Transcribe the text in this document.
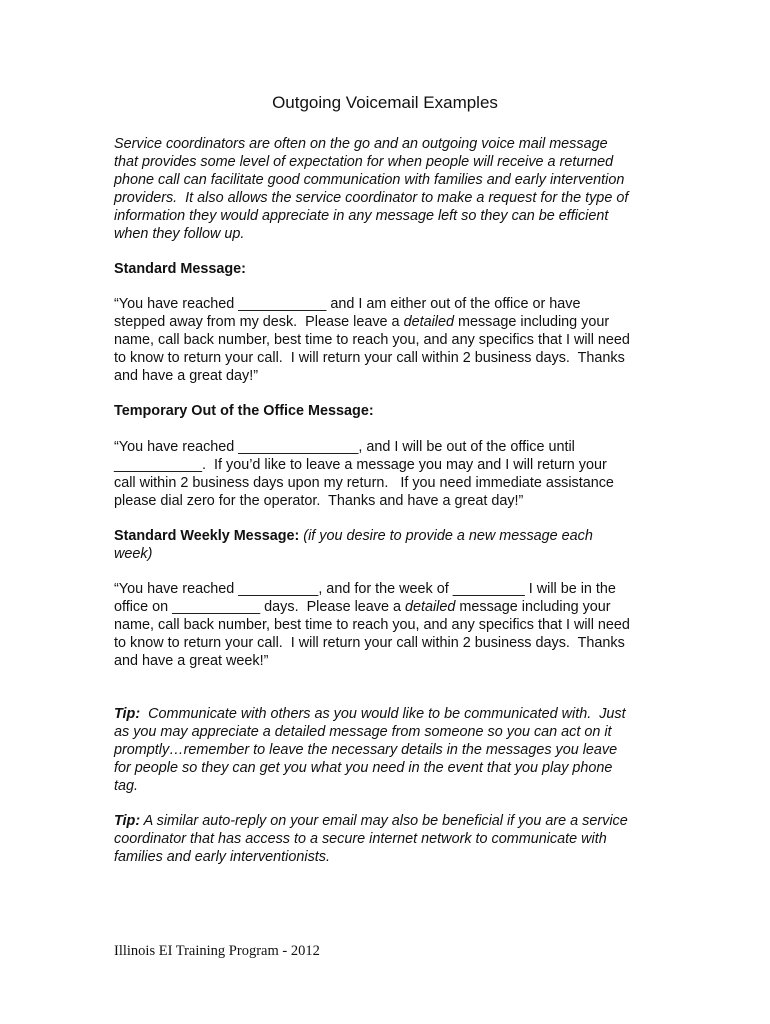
Outgoing Voicemail Examples
Service coordinators are often on the go and an outgoing voice mail message
that provides some level of expectation for when people will receive a returned
phone call can facilitate good communication with families and early intervention
providers.  It also allows the service coordinator to make a request for the type of
information they would appreciate in any message left so they can be efficient
when they follow up.
Standard Message:
“You have reached ___________ and I am either out of the office or have
stepped away from my desk.  Please leave a detailed message including your
name, call back number, best time to reach you, and any specifics that I will need
to know to return your call.  I will return your call within 2 business days.  Thanks
and have a great day!”
Temporary Out of the Office Message:
“You have reached _______________, and I will be out of the office until
___________.  If you’d like to leave a message you may and I will return your
call within 2 business days upon my return.   If you need immediate assistance
please dial zero for the operator.  Thanks and have a great day!”
Standard Weekly Message: (if you desire to provide a new message each
week)
“You have reached __________, and for the week of _________ I will be in the
office on ___________ days.  Please leave a detailed message including your
name, call back number, best time to reach you, and any specifics that I will need
to know to return your call.  I will return your call within 2 business days.  Thanks
and have a great week!”
Tip:  Communicate with others as you would like to be communicated with.  Just
as you may appreciate a detailed message from someone so you can act on it
promptly…remember to leave the necessary details in the messages you leave
for people so they can get you what you need in the event that you play phone
tag.
Tip: A similar auto-reply on your email may also be beneficial if you are a service
coordinator that has access to a secure internet network to communicate with
families and early interventionists.
Illinois EI Training Program - 2012
